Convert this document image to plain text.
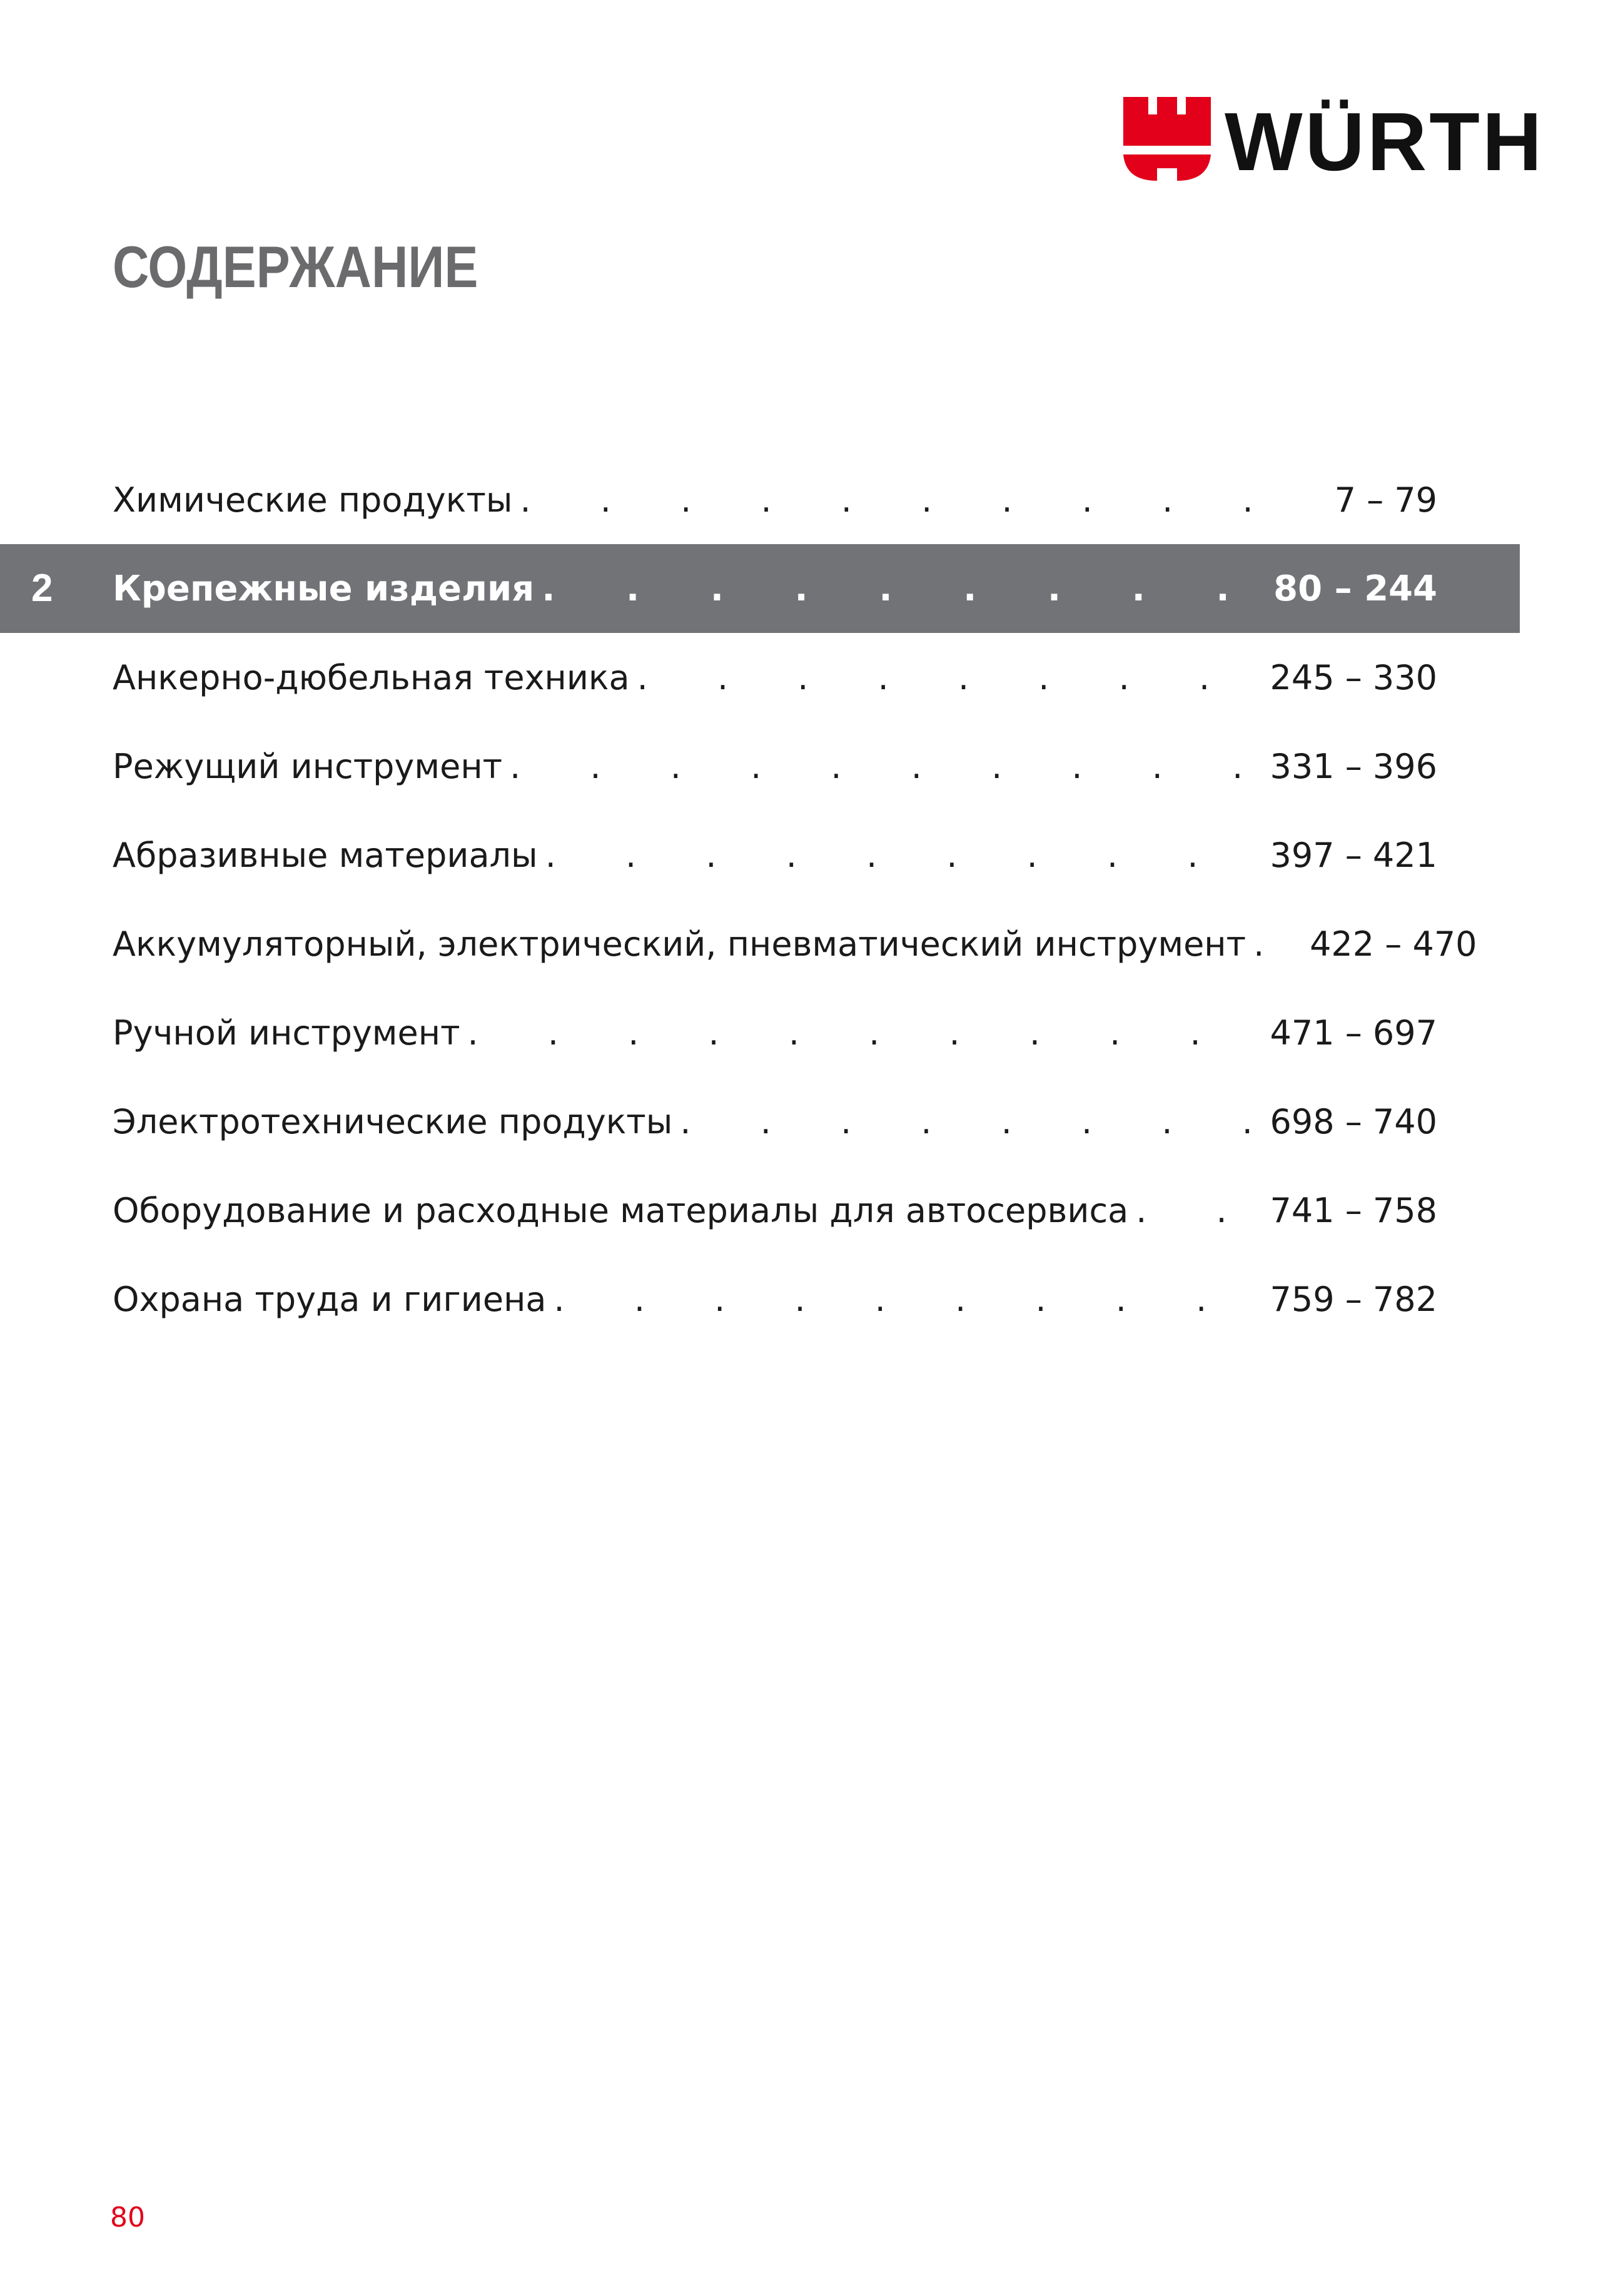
WÜRTH
СОДЕРЖАНИЕ
Химические продукты . . .	7 – 79
2 Крепежные изделия . . .	80 – 244
Анкерно-дюбельная техника . . .	245 – 330
Режущий инструмент . . .	331 – 396
Абразивные материалы . . .	397 – 421
Аккумуляторный, электрический, пневматический инструмент . . . 422 – 470
Ручной инструмент . . .	471 – 697
Электротехнические продукты . . .	698 – 740
Оборудование и расходные материалы для автосервиса . . .	741 – 758
Охрана труда и гигиена . . .	759 – 782
80
